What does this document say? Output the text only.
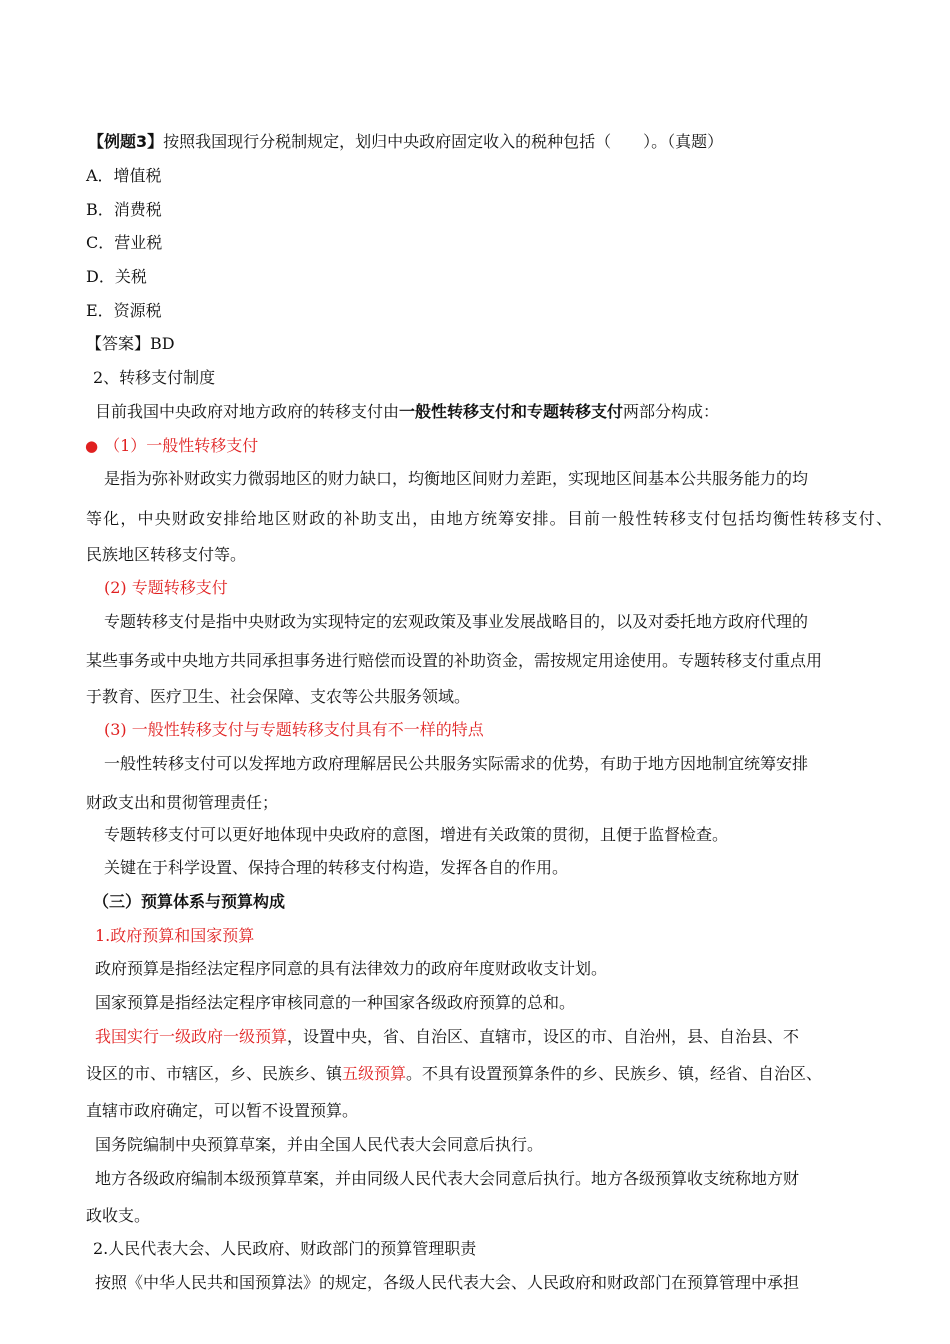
【例题3】按照我国现行分税制规定，划归中央政府固定收入的税种包括（　　）。（真题）
A．增值税
B．消费税
C．营业税
D．关税
E．资源税
【答案】BD
2、转移支付制度
目前我国中央政府对地方政府的转移支付由一般性转移支付和专题转移支付两部分构成：
● （1）一般性转移支付
是指为弥补财政实力微弱地区的财力缺口，均衡地区间财力差距，实现地区间基本公共服务能力的均
等化，中央财政安排给地区财政的补助支出，由地方统筹安排。目前一般性转移支付包括均衡性转移支付、
民族地区转移支付等。
(2) 专题转移支付
专题转移支付是指中央财政为实现特定的宏观政策及事业发展战略目的，以及对委托地方政府代理的
某些事务或中央地方共同承担事务进行赔偿而设置的补助资金，需按规定用途使用。专题转移支付重点用
于教育、医疗卫生、社会保障、支农等公共服务领域。
(3) 一般性转移支付与专题转移支付具有不一样的特点
一般性转移支付可以发挥地方政府理解居民公共服务实际需求的优势，有助于地方因地制宜统筹安排
财政支出和贯彻管理责任；
专题转移支付可以更好地体现中央政府的意图，增进有关政策的贯彻，且便于监督检查。
关键在于科学设置、保持合理的转移支付构造，发挥各自的作用。
（三）预算体系与预算构成
1.政府预算和国家预算
政府预算是指经法定程序同意的具有法律效力的政府年度财政收支计划。
国家预算是指经法定程序审核同意的一种国家各级政府预算的总和。
我国实行一级政府一级预算，设置中央，省、自治区、直辖市，设区的市、自治州，县、自治县、不
设区的市、市辖区，乡、民族乡、镇五级预算。不具有设置预算条件的乡、民族乡、镇，经省、自治区、
直辖市政府确定，可以暂不设置预算。
国务院编制中央预算草案，并由全国人民代表大会同意后执行。
地方各级政府编制本级预算草案，并由同级人民代表大会同意后执行。地方各级预算收支统称地方财
政收支。
2.人民代表大会、人民政府、财政部门的预算管理职责
按照《中华人民共和国预算法》的规定，各级人民代表大会、人民政府和财政部门在预算管理中承担
